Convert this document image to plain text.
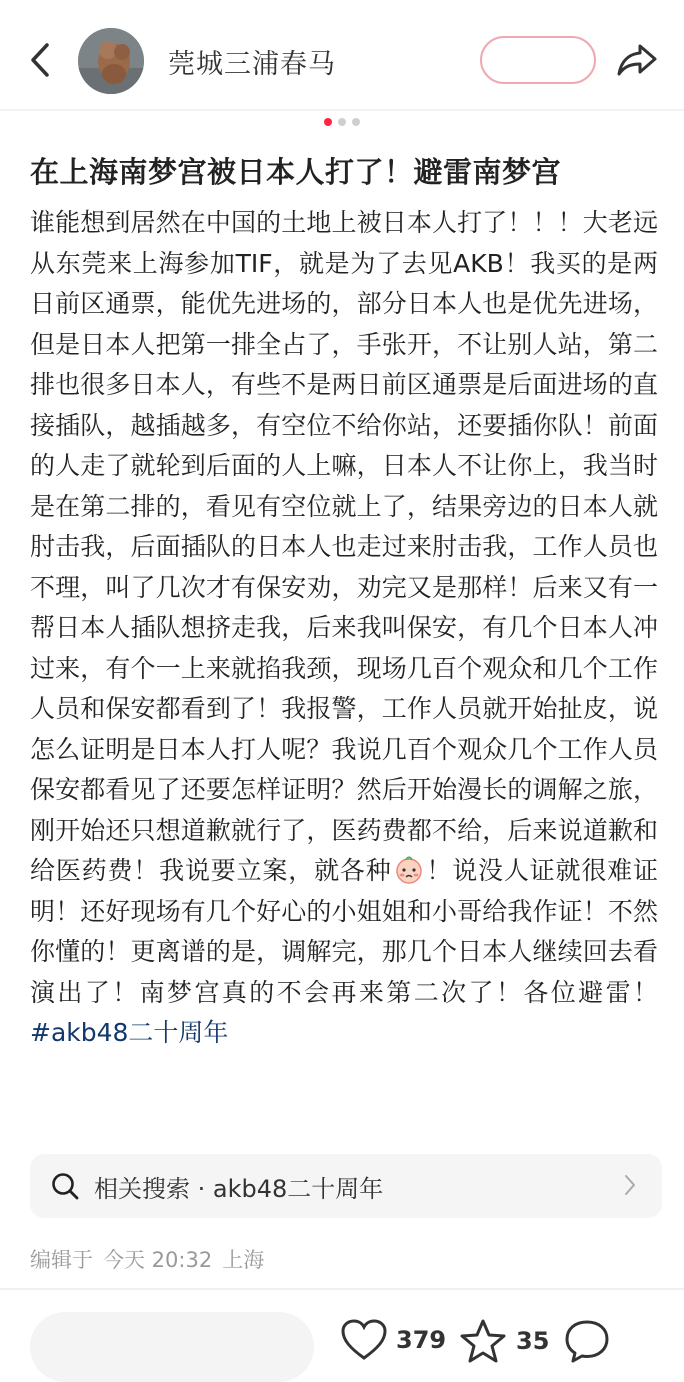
莞城三浦春马
在上海南梦宫被日本人打了！避雷南梦宫
谁能想到居然在中国的土地上被日本人打了！！！大老远从东莞来上海参加TIF，就是为了去见AKB！我买的是两日前区通票，能优先进场的，部分日本人也是优先进场，但是日本人把第一排全占了，手张开，不让别人站，第二排也很多日本人，有些不是两日前区通票是后面进场的直接插队，越插越多，有空位不给你站，还要插你队！前面的人走了就轮到后面的人上嘛，日本人不让你上，我当时是在第二排的，看见有空位就上了，结果旁边的日本人就肘击我，后面插队的日本人也走过来肘击我，工作人员也不理，叫了几次才有保安劝，劝完又是那样！后来又有一帮日本人插队想挤走我，后来我叫保安，有几个日本人冲过来，有个一上来就掐我颈，现场几百个观众和几个工作人员和保安都看到了！我报警，工作人员就开始扯皮，说怎么证明是日本人打人呢？我说几百个观众几个工作人员保安都看见了还要怎样证明？然后开始漫长的调解之旅，刚开始还只想道歉就行了，医药费都不给，后来说道歉和给医药费！我说要立案，就各种 ！说没人证就很难证明！还好现场有几个好心的小姐姐和小哥给我作证！不然你懂的！更离谱的是，调解完，那几个日本人继续回去看演出了！南梦宫真的不会再来第二次了！各位避雷！#akb48二十周年
相关搜索 · akb48二十周年
编辑于 今天 20:32 上海
379	35
